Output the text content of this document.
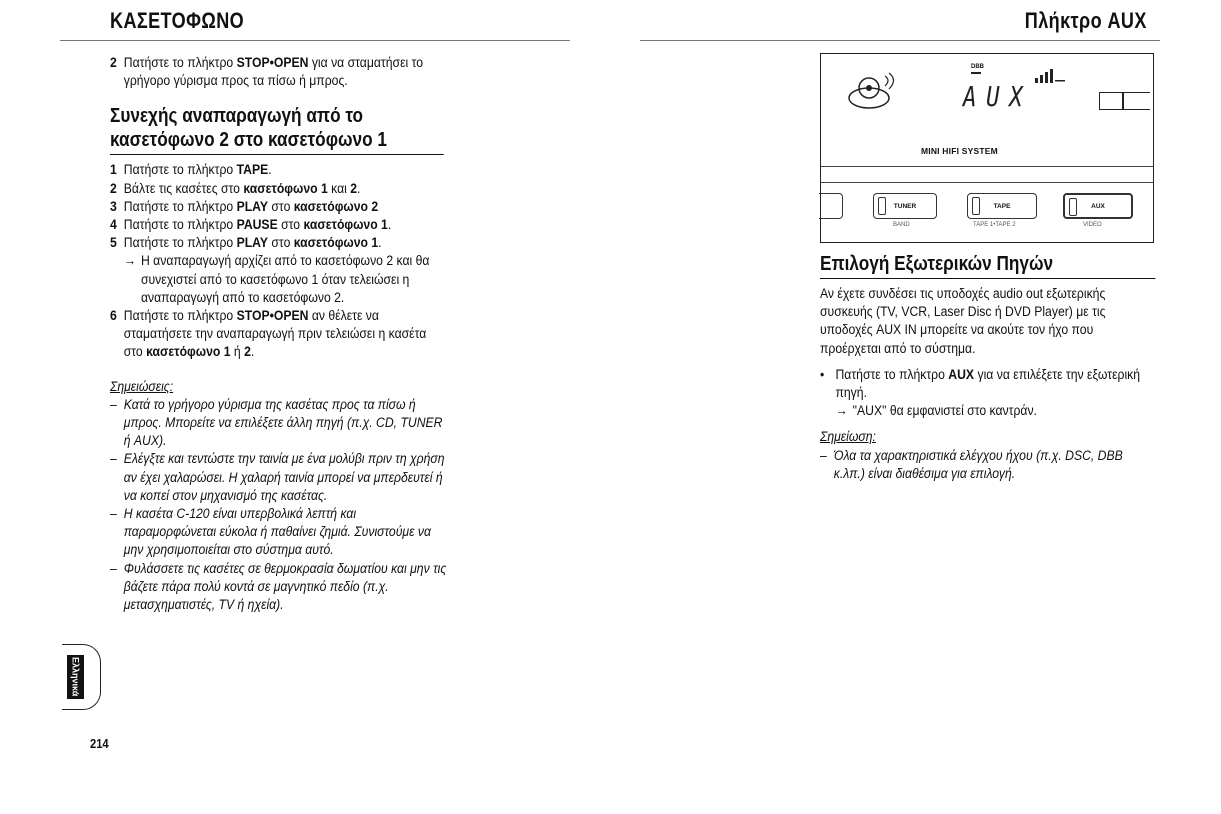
ΚΑΣΕΤΟΦΩΝΟ	Πλήκτρο AUX
2 Πατήστε το πλήκτρο STOP•OPEN για να σταματήσει το γρήγορο γύρισμα προς τα πίσω ή μπρος.
Συνεχής αναπαραγωγή από το κασετόφωνο 2 στο κασετόφωνο 1
1 Πατήστε το πλήκτρο TAPE.
2 Βάλτε τις κασέτες στο κασετόφωνο 1 και 2.
3 Πατήστε το πλήκτρο PLAY στο κασετόφωνο 2
4 Πατήστε το πλήκτρο PAUSE στο κασετόφωνο 1.
5 Πατήστε το πλήκτρο PLAY στο κασετόφωνο 1.
→ Η αναπαραγωγή αρχίζει από το κασετόφωνο 2 και θα συνεχιστεί από το κασετόφωνο 1 όταν τελειώσει η αναπαραγωγή από το κασετόφωνο 2.
6 Πατήστε το πλήκτρο STOP•OPEN αν θέλετε να σταματήσετε την αναπαραγωγή πριν τελειώσει η κασέτα στο κασετόφωνο 1 ή 2.
Σημειώσεις:
– Κατά το γρήγορο γύρισμα της κασέτας προς τα πίσω ή μπρος. Μπορείτε να επιλέξετε άλλη πηγή (π.χ. CD, TUNER ή AUX).
– Ελέγξτε και τεντώστε την ταινία με ένα μολύβι πριν τη χρήση αν έχει χαλαρώσει. Η χαλαρή ταινία μπορεί να μπερδευτεί ή να κοπεί στον μηχανισμό της κασέτας.
– Η κασέτα C-120 είναι υπερβολικά λεπτή και παραμορφώνεται εύκολα ή παθαίνει ζημιά. Συνιστούμε να μην χρησιμοποιείται στο σύστημα αυτό.
– Φυλάσσετε τις κασέτες σε θερμοκρασία δωματίου και μην τις βάζετε πάρα πολύ κοντά σε μαγνητικό πεδίο (π.χ. μετασχηματιστές, TV ή ηχεία).
Ελληνικά
214
DBB
AUX
MINI HIFI SYSTEM
TUNER	TAPE	AUX
BAND	TAPE 1•TAPE 2	VIDEO
Επιλογή Εξωτερικών Πηγών
Αν έχετε συνδέσει τις υποδοχές audio out εξωτερικής συσκευής (TV, VCR, Laser Disc ή DVD Player) με τις υποδοχές AUX IN μπορείτε να ακούτε τον ήχο που προέρχεται από το σύστημα.
• Πατήστε το πλήκτρο AUX για να επιλέξετε την εξωτερική πηγή.
→ "AUX" θα εμφανιστεί στο καντράν.
Σημείωση:
– Όλα τα χαρακτηριστικά ελέγχου ήχου (π.χ. DSC, DBB κ.λπ.) είναι διαθέσιμα για επιλογή.
